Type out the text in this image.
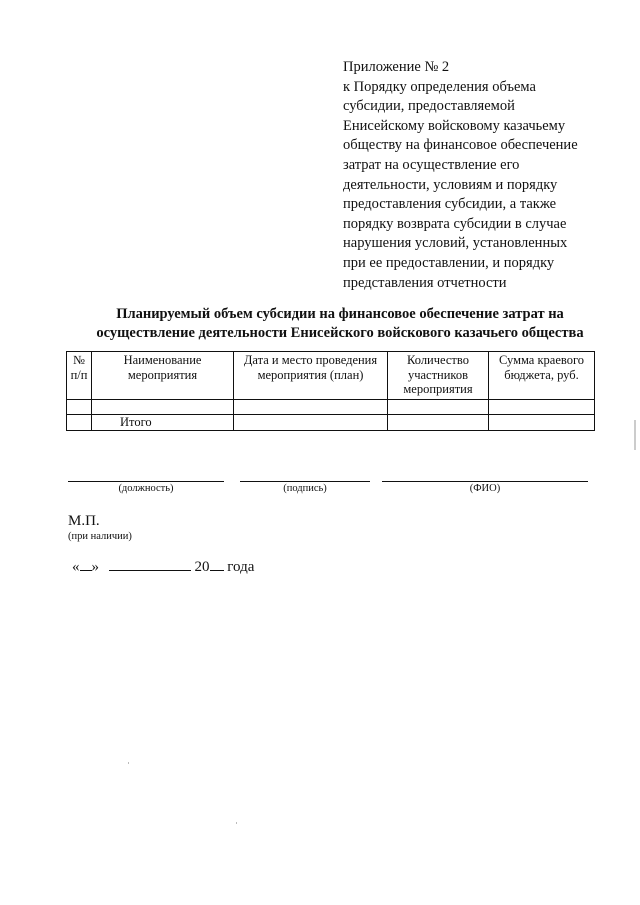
Приложение № 2
к Порядку определения объема
субсидии, предоставляемой
Енисейскому войсковому казачьему
обществу на финансовое обеспечение
затрат на осуществление его
деятельности, условиям и порядку
предоставления субсидии, а также
порядку возврата субсидии в случае
нарушения условий, установленных
при ее предоставлении, и порядку
представления отчетности
Планируемый объем субсидии на финансовое обеспечение затрат на
осуществление деятельности Енисейского войскового казачьего общества
№ п/п	Наименование мероприятия	Дата и место проведения мероприятия (план)	Количество участников мероприятия	Сумма краевого бюджета, руб.

	Итого			
(должность)	(подпись)	(ФИО)
М.П.
(при наличии)
« »	20 года
